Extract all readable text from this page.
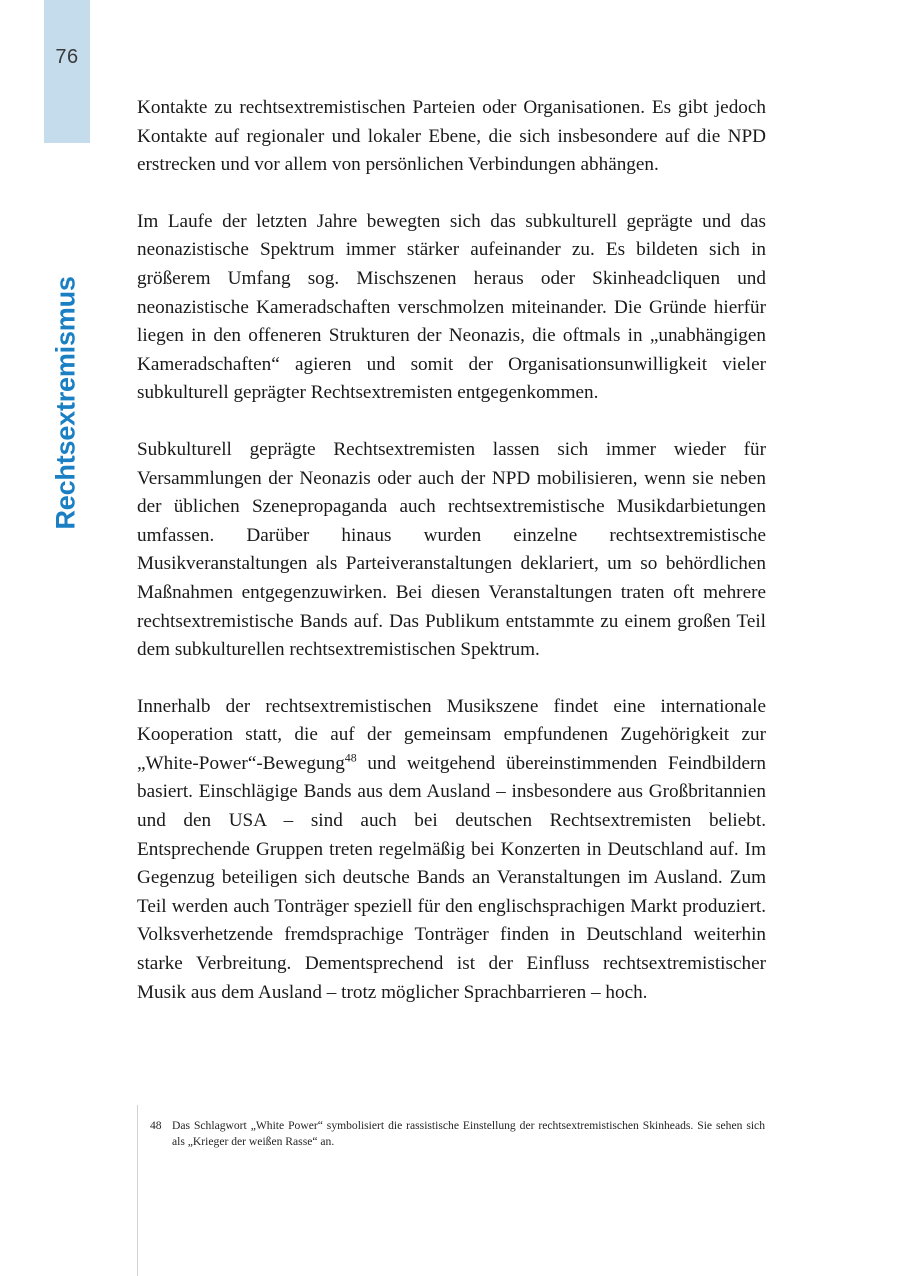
76
Rechtsextremismus

Kontakte zu rechtsextremistischen Parteien oder Organisationen. Es gibt jedoch Kontakte auf regionaler und lokaler Ebene, die sich insbesondere auf die NPD erstrecken und vor allem von persönlichen Verbindungen abhängen.

Im Laufe der letzten Jahre bewegten sich das subkulturell geprägte und das neonazistische Spektrum immer stärker aufeinander zu. Es bildeten sich in größerem Umfang sog. Mischszenen heraus oder Skinheadcliquen und neonazistische Kameradschaften verschmolzen miteinander. Die Gründe hierfür liegen in den offeneren Strukturen der Neonazis, die oftmals in „unabhängigen Kameradschaften“ agieren und somit der Organisationsunwilligkeit vieler subkulturell geprägter Rechtsextremisten entgegenkommen.

Subkulturell geprägte Rechtsextremisten lassen sich immer wieder für Versammlungen der Neonazis oder auch der NPD mobilisieren, wenn sie neben der üblichen Szenepropaganda auch rechtsextremistische Musikdarbietungen umfassen. Darüber hinaus wurden einzelne rechtsextremistische Musikveranstaltungen als Parteiveranstaltungen deklariert, um so behördlichen Maßnahmen entgegenzuwirken. Bei diesen Veranstaltungen traten oft mehrere rechtsextremistische Bands auf. Das Publikum entstammte zu einem großen Teil dem subkulturellen rechtsextremistischen Spektrum.

Innerhalb der rechtsextremistischen Musikszene findet eine internationale Kooperation statt, die auf der gemeinsam empfundenen Zugehörigkeit zur „White-Power“-Bewegung$^{48}$ und weitgehend übereinstimmenden Feindbildern basiert. Einschlägige Bands aus dem Ausland – insbesondere aus Großbritannien und den USA – sind auch bei deutschen Rechtsextremisten beliebt. Entsprechende Gruppen treten regelmäßig bei Konzerten in Deutschland auf. Im Gegenzug beteiligen sich deutsche Bands an Veranstaltungen im Ausland. Zum Teil werden auch Tonträger speziell für den englischsprachigen Markt produziert. Volksverhetzende fremdsprachige Tonträger finden in Deutschland weiterhin starke Verbreitung. Dementsprechend ist der Einfluss rechtsextremistischer Musik aus dem Ausland – trotz möglicher Sprachbarrieren – hoch.

48 Das Schlagwort „White Power“ symbolisiert die rassistische Einstellung der rechtsextremistischen Skinheads. Sie sehen sich als „Krieger der weißen Rasse“ an.
